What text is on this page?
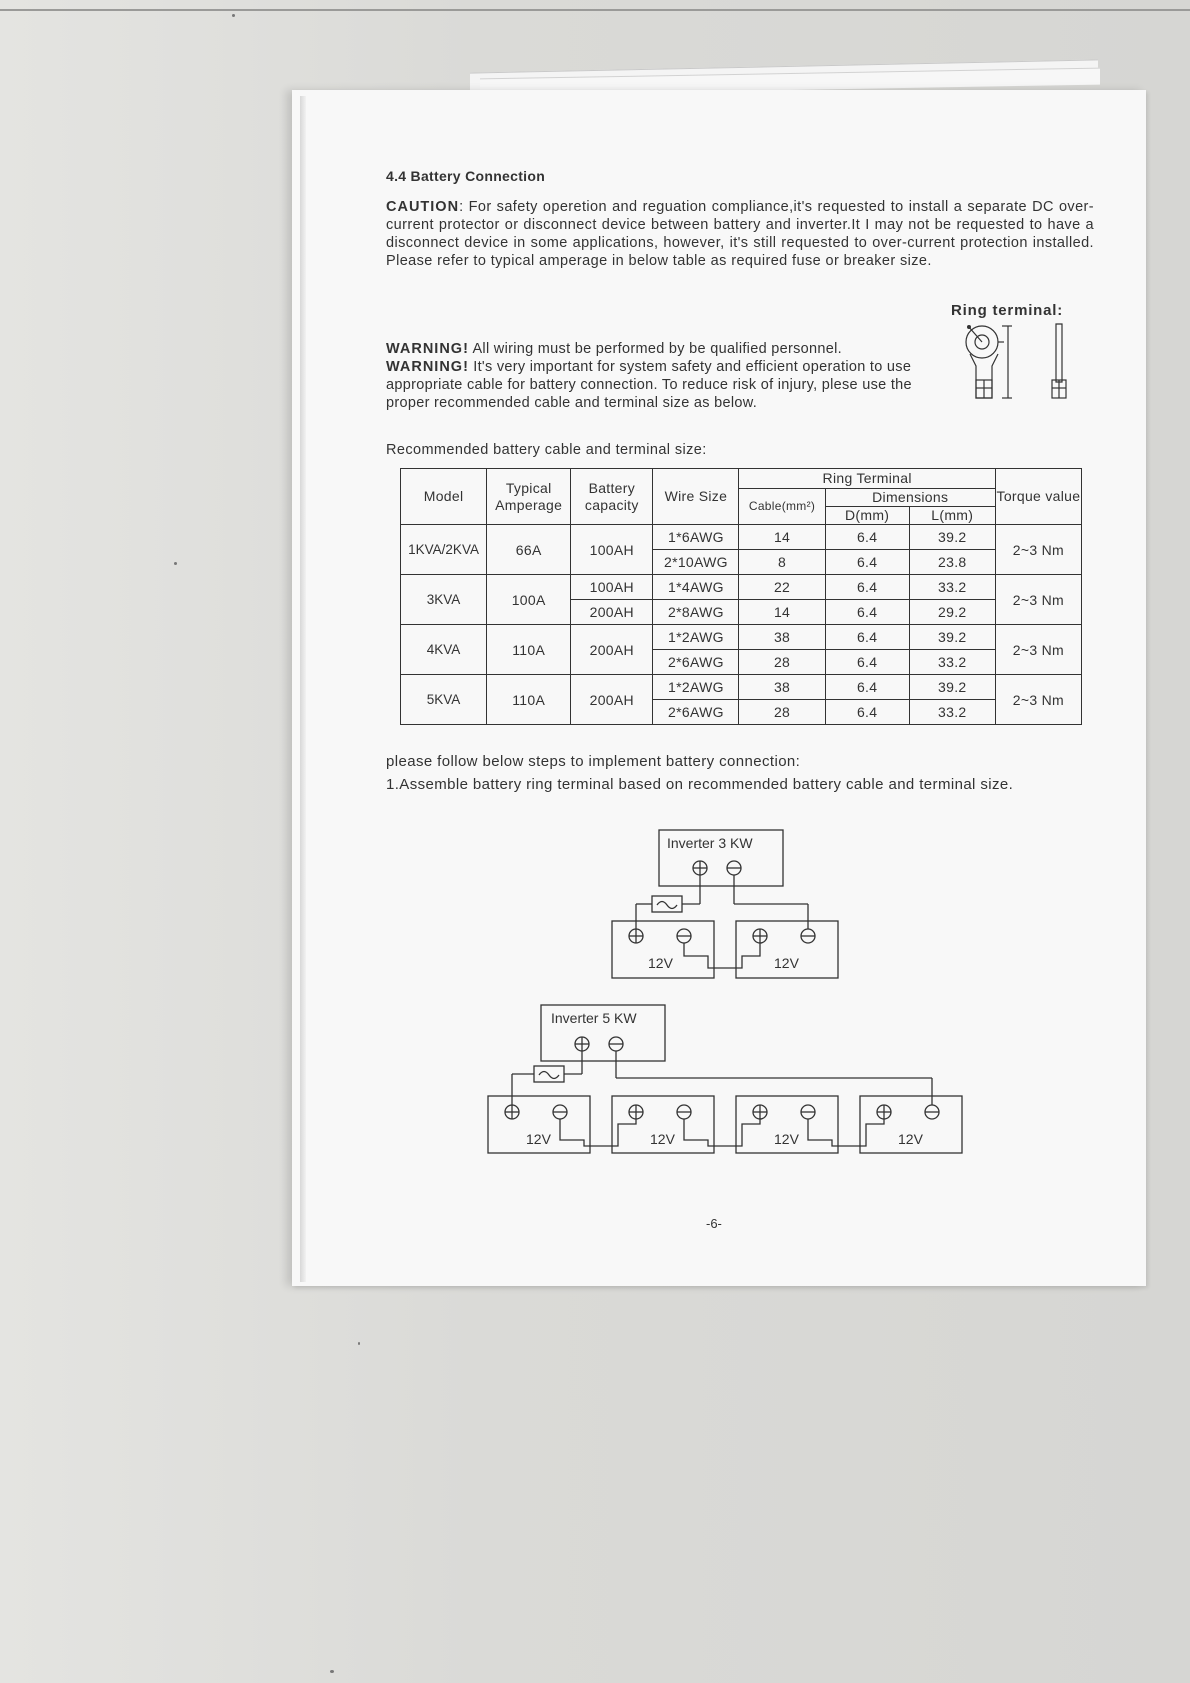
4.4 Battery Connection
CAUTION: For safety operetion and reguation compliance,it's requested to install a separate DC over-current protector or disconnect device between battery and inverter.It I may not be requested to have a disconnect device in some applications, however, it's still requested to over-current protection installed. Please refer to typical amperage in below table as required fuse or breaker size.
Ring terminal:

WARNING! All wiring must be performed by be qualified personnel.

WARNING! It's very important for system safety and efficient operation to use appropriate cable for battery connection. To reduce risk of injury, plese use the proper recommended cable and terminal size as below.

Recommended battery cable and terminal size:
Model	Typical Amperage	Battery capacity	Wire Size	Ring Terminal			Torque value
				Cable(mm²)	Dimensions		
					D(mm)	L(mm)	
1KVA/2KVA	66A	100AH	1*6AWG	14	6.4	39.2	2~3 Nm
			2*10AWG	8	6.4	23.8	
3KVA	100A	100AH	1*4AWG	22	6.4	33.2	2~3 Nm
		200AH	2*8AWG	14	6.4	29.2	
4KVA	110A	200AH	1*2AWG	38	6.4	39.2	2~3 Nm
			2*6AWG	28	6.4	33.2	
5KVA	110A	200AH	1*2AWG	38	6.4	39.2	2~3 Nm
			2*6AWG	28	6.4	33.2	

please follow below steps to implement battery connection:

1.Assemble battery ring terminal based on recommended battery cable and terminal size.

Inverter 3 KW
Inverter 5 KW
12V	12V
12V	12V	12V	12V
-6-
